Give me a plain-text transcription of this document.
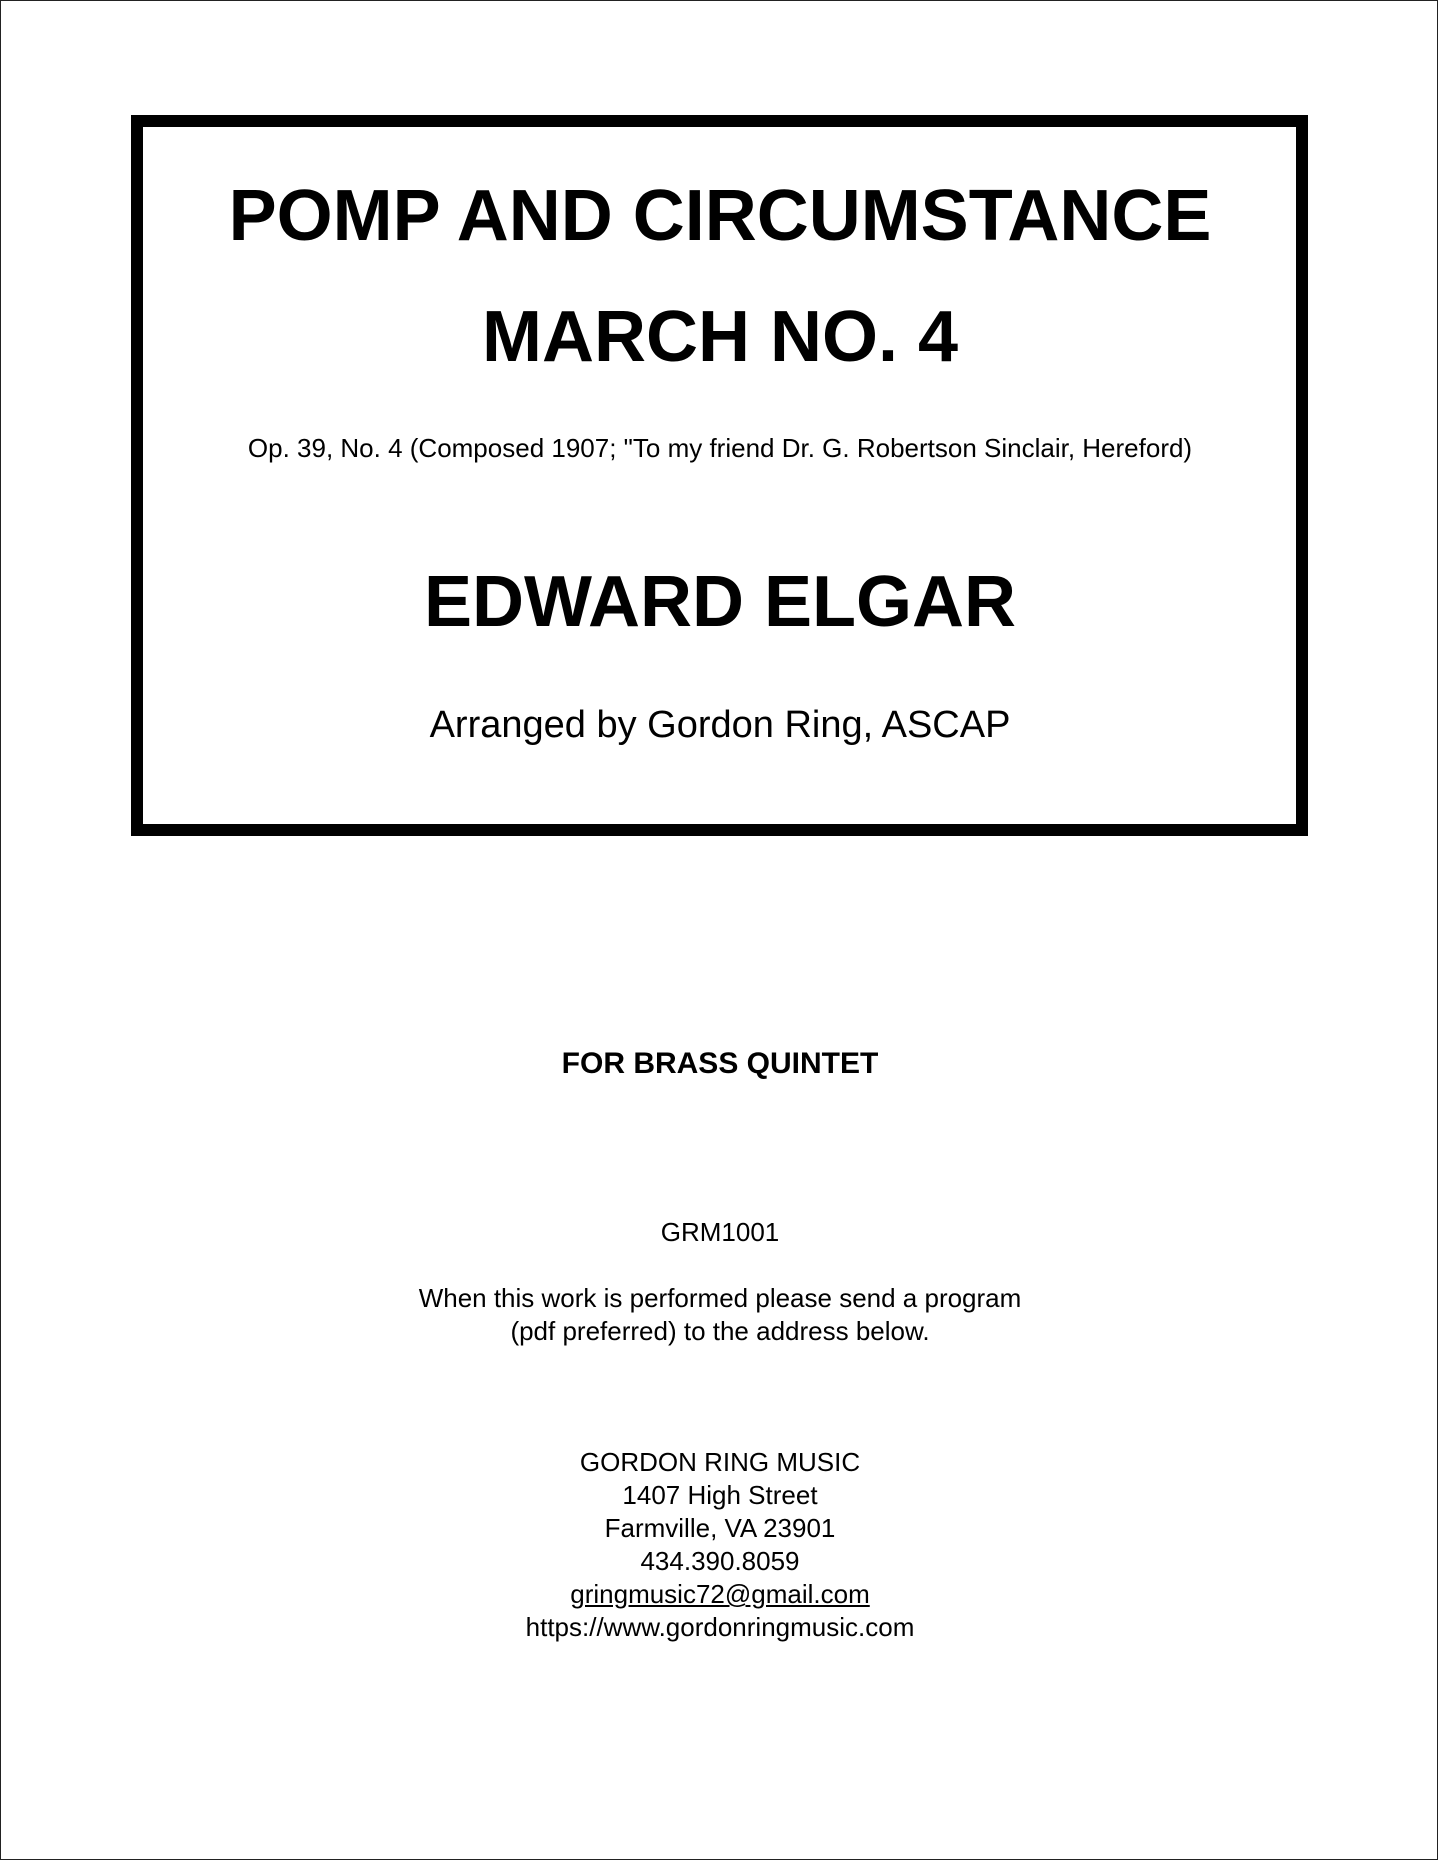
POMP AND CIRCUMSTANCE
MARCH NO. 4
Op. 39, No. 4 (Composed 1907; "To my friend Dr. G. Robertson Sinclair, Hereford)
EDWARD ELGAR
Arranged by Gordon Ring, ASCAP
FOR BRASS QUINTET
GRM1001
When this work is performed please send a program
(pdf preferred) to the address below.
GORDON RING MUSIC
1407 High Street
Farmville, VA 23901
434.390.8059
gringmusic72@gmail.com
https://www.gordonringmusic.com
